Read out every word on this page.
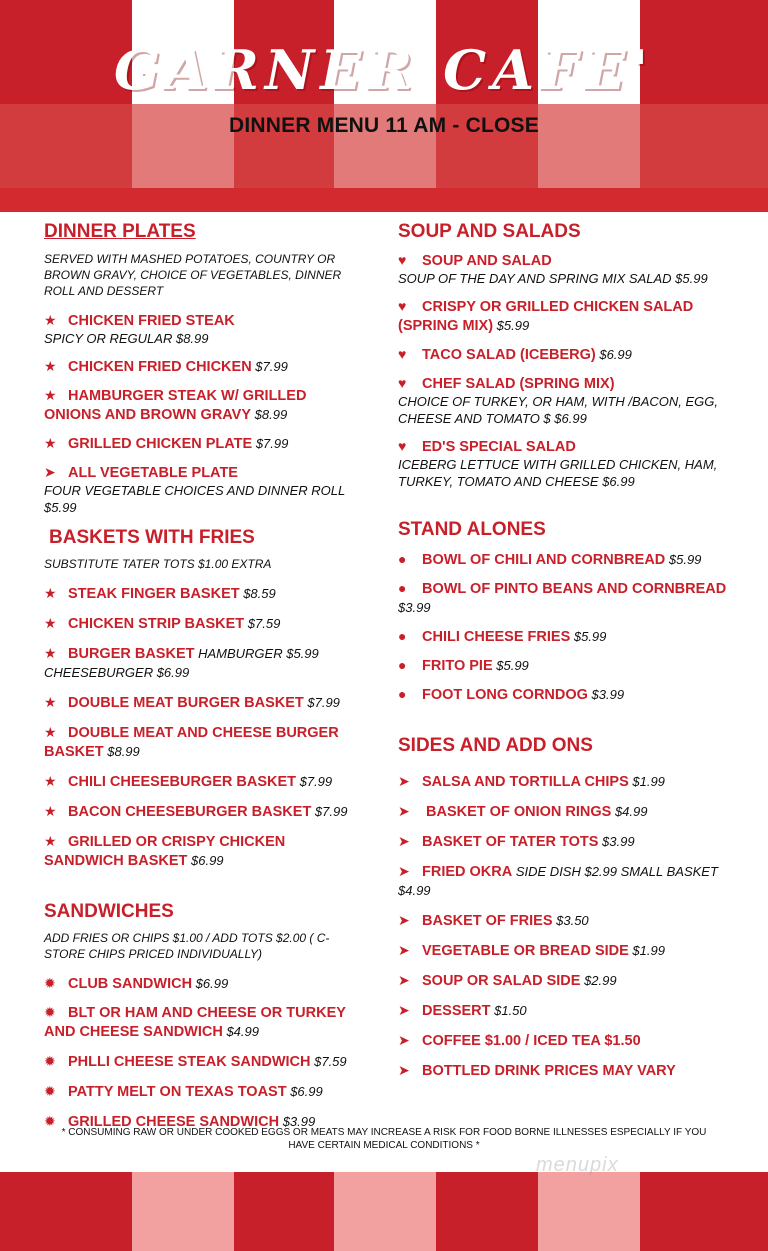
GARNER CAFE'
DINNER MENU 11 AM - CLOSE
DINNER PLATES
SERVED WITH MASHED POTATOES, COUNTRY OR BROWN GRAVY, CHOICE OF VEGETABLES, DINNER ROLL AND DESSERT
★ CHICKEN FRIED STEAK
SPICY OR REGULAR $8.99
★ CHICKEN FRIED CHICKEN $7.99
★ HAMBURGER STEAK W/ GRILLED ONIONS AND BROWN GRAVY $8.99
★ GRILLED CHICKEN PLATE $7.99
➤ ALL VEGETABLE PLATE
FOUR VEGETABLE CHOICES AND DINNER ROLL $5.99
BASKETS WITH FRIES
SUBSTITUTE TATER TOTS $1.00 EXTRA
★ STEAK FINGER BASKET $8.59
★ CHICKEN STRIP BASKET $7.59
★ BURGER BASKET HAMBURGER $5.99 CHEESEBURGER $6.99
★ DOUBLE MEAT BURGER BASKET $7.99
★ DOUBLE MEAT AND CHEESE BURGER BASKET $8.99
★ CHILI CHEESEBURGER BASKET $7.99
★ BACON CHEESEBURGER BASKET $7.99
★ GRILLED OR CRISPY CHICKEN SANDWICH BASKET $6.99
SANDWICHES
ADD FRIES OR CHIPS $1.00 / ADD TOTS $2.00 ( C-STORE CHIPS PRICED INDIVIDUALLY)
✹ CLUB SANDWICH $6.99
✹ BLT OR HAM AND CHEESE OR TURKEY AND CHEESE SANDWICH $4.99
✹ PHLLI CHEESE STEAK SANDWICH $7.59
✹ PATTY MELT ON TEXAS TOAST $6.99
✹ GRILLED CHEESE SANDWICH $3.99
SOUP AND SALADS
♥ SOUP AND SALAD
SOUP OF THE DAY AND SPRING MIX SALAD $5.99
♥ CRISPY OR GRILLED CHICKEN SALAD (SPRING MIX) $5.99
♥ TACO SALAD (ICEBERG) $6.99
♥ CHEF SALAD (SPRING MIX)
CHOICE OF TURKEY, OR HAM, WITH /BACON, EGG, CHEESE AND TOMATO $ $6.99
♥ ED'S SPECIAL SALAD
ICEBERG LETTUCE WITH GRILLED CHICKEN, HAM, TURKEY, TOMATO AND CHEESE $6.99
STAND ALONES
● BOWL OF CHILI AND CORNBREAD $5.99
● BOWL OF PINTO BEANS AND CORNBREAD $3.99
● CHILI CHEESE FRIES $5.99
● FRITO PIE $5.99
● FOOT LONG CORNDOG $3.99
SIDES AND ADD ONS
➤ SALSA AND TORTILLA CHIPS $1.99
➤ BASKET OF ONION RINGS $4.99
➤ BASKET OF TATER TOTS $3.99
➤ FRIED OKRA SIDE DISH $2.99 SMALL BASKET $4.99
➤ BASKET OF FRIES $3.50
➤ VEGETABLE OR BREAD SIDE $1.99
➤ SOUP OR SALAD SIDE $2.99
➤ DESSERT $1.50
➤ COFFEE $1.00 / ICED TEA $1.50
➤ BOTTLED DRINK PRICES MAY VARY
* CONSUMING RAW OR UNDER COOKED EGGS OR MEATS MAY INCREASE A RISK FOR FOOD BORNE ILLNESSES ESPECIALLY IF YOU HAVE CERTAIN MEDICAL CONDITIONS *
menupix
